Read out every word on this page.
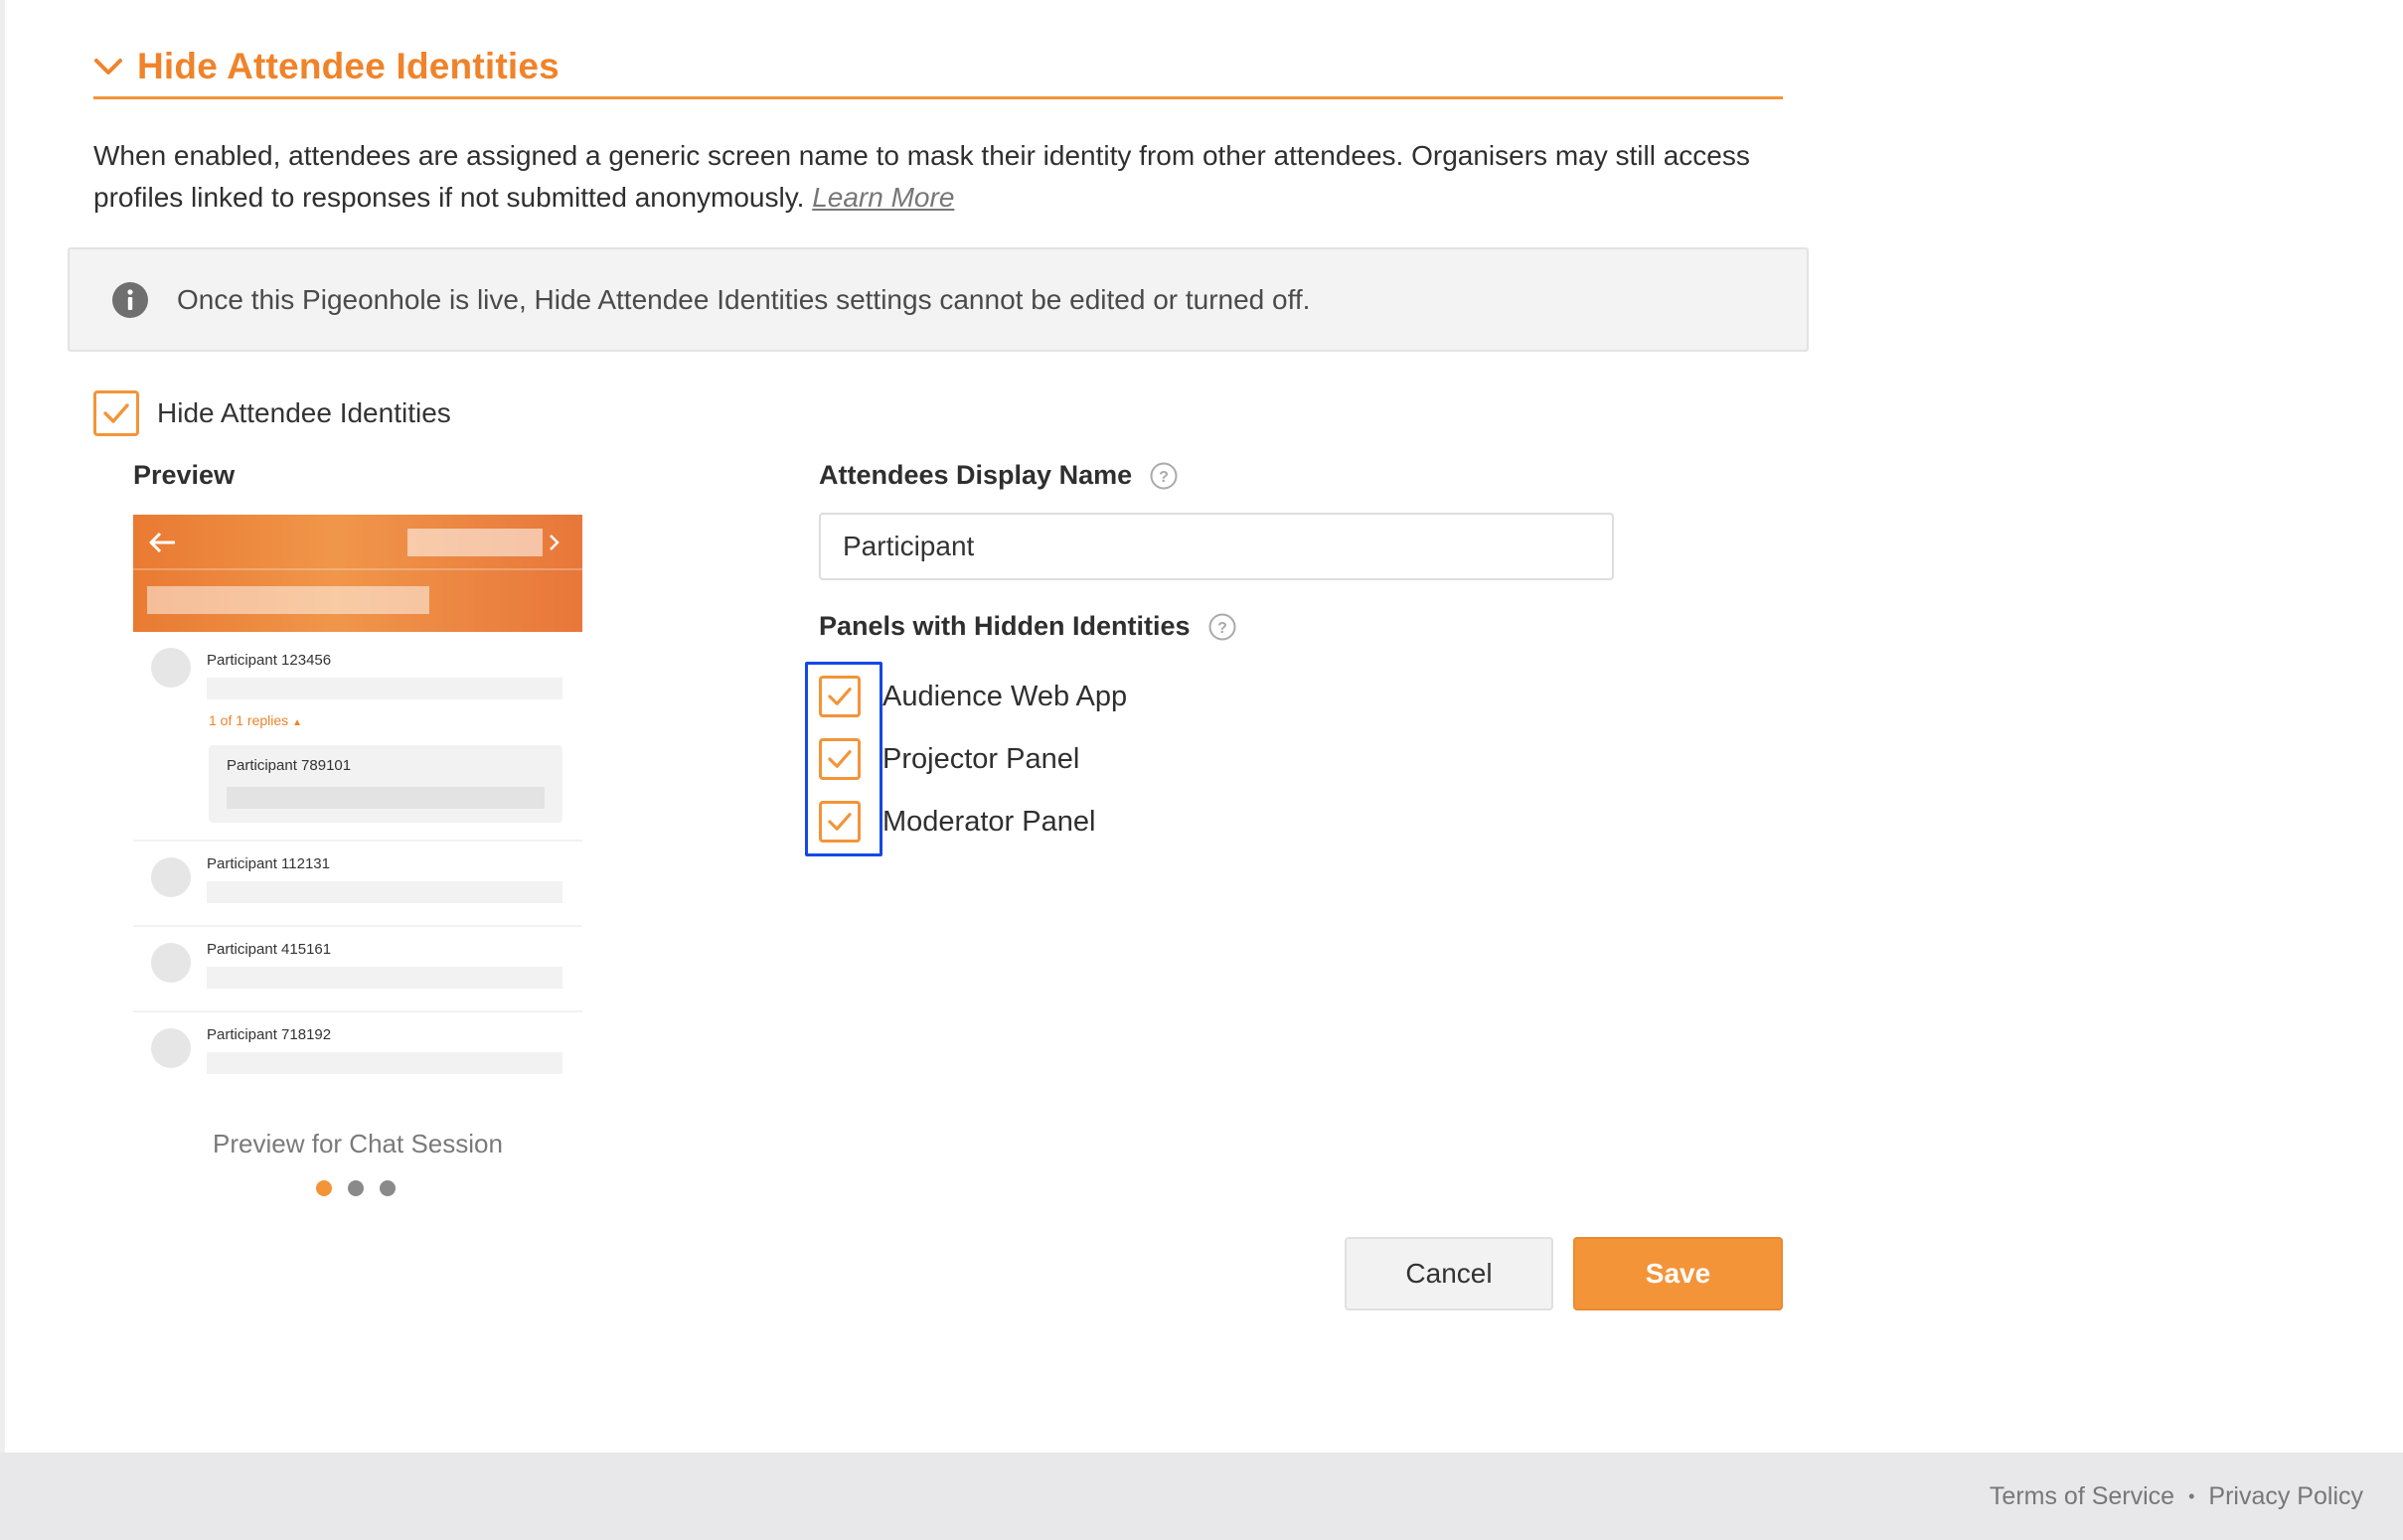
Hide Attendee Identities

When enabled, attendees are assigned a generic screen name to mask their identity from other attendees. Organisers may still access profiles linked to responses if not submitted anonymously. Learn More

Once this Pigeonhole is live, Hide Attendee Identities settings cannot be edited or turned off.
Hide Attendee Identities
Preview
Participant 123456
1 of 1 replies ▲
Participant 789101
Participant 112131
Participant 415161
Participant 718192
Preview for Chat Session
Attendees Display Name ?
Participant
Panels with Hidden Identities ?
Audience Web App
Projector Panel
Moderator Panel
Cancel	Save
Terms of Service • Privacy Policy
